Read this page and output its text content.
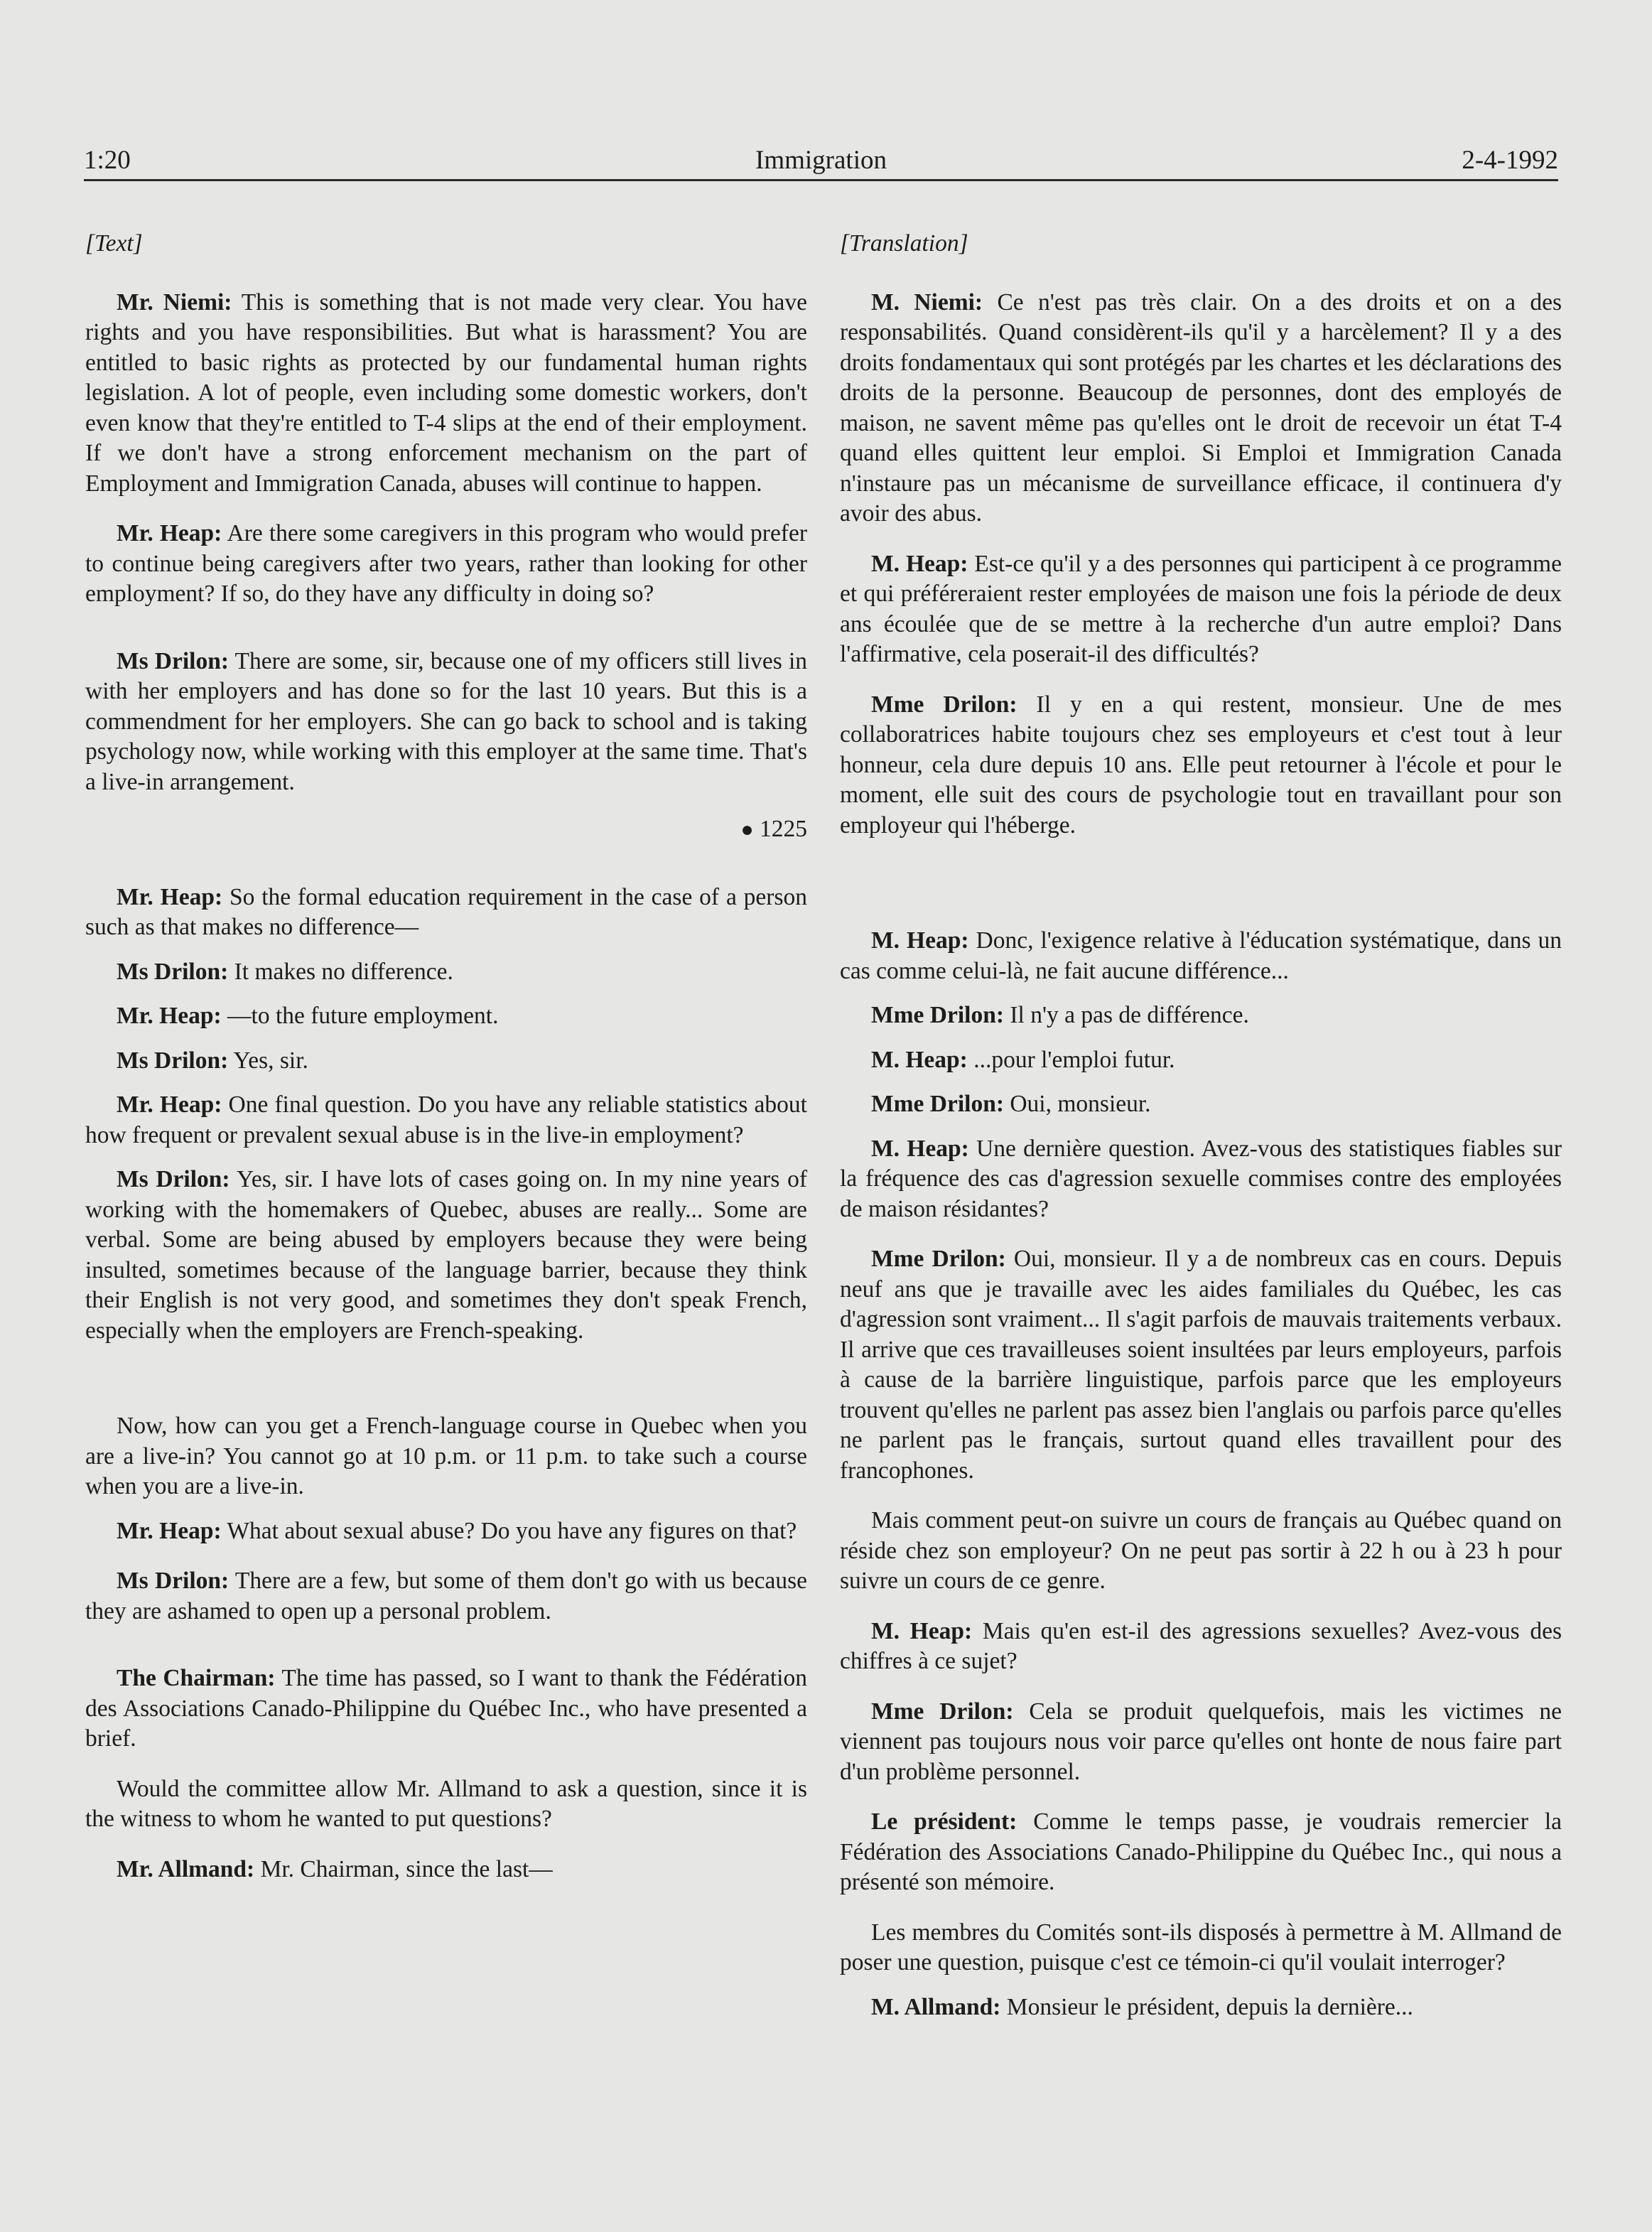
1:20	Immigration	2-4-1992
[Text]

Mr. Niemi: This is something that is not made very clear. You have rights and you have responsibilities. But what is harassment? You are entitled to basic rights as protected by our fundamental human rights legislation. A lot of people, even including some domestic workers, don't even know that they're entitled to T-4 slips at the end of their employment. If we don't have a strong enforcement mechanism on the part of Employment and Immigration Canada, abuses will continue to happen.

Mr. Heap: Are there some caregivers in this program who would prefer to continue being caregivers after two years, rather than looking for other employment? If so, do they have any difficulty in doing so?

Ms Drilon: There are some, sir, because one of my officers still lives in with her employers and has done so for the last 10 years. But this is a commendment for her employers. She can go back to school and is taking psychology now, while working with this employer at the same time. That's a live-in arrangement.

● 1225

Mr. Heap: So the formal education requirement in the case of a person such as that makes no difference—

Ms Drilon: It makes no difference.

Mr. Heap: —to the future employment.

Ms Drilon: Yes, sir.

Mr. Heap: One final question. Do you have any reliable statistics about how frequent or prevalent sexual abuse is in the live-in employment?

Ms Drilon: Yes, sir. I have lots of cases going on. In my nine years of working with the homemakers of Quebec, abuses are really... Some are verbal. Some are being abused by employers because they were being insulted, sometimes because of the language barrier, because they think their English is not very good, and sometimes they don't speak French, especially when the employers are French-speaking.

Now, how can you get a French-language course in Quebec when you are a live-in? You cannot go at 10 p.m. or 11 p.m. to take such a course when you are a live-in.

Mr. Heap: What about sexual abuse? Do you have any figures on that?

Ms Drilon: There are a few, but some of them don't go with us because they are ashamed to open up a personal problem.

The Chairman: The time has passed, so I want to thank the Fédération des Associations Canado-Philippine du Québec Inc., who have presented a brief.

Would the committee allow Mr. Allmand to ask a question, since it is the witness to whom he wanted to put questions?

Mr. Allmand: Mr. Chairman, since the last—

[Translation]

M. Niemi: Ce n'est pas très clair. On a des droits et on a des responsabilités. Quand considèrent-ils qu'il y a harcèlement? Il y a des droits fondamentaux qui sont protégés par les chartes et les déclarations des droits de la personne. Beaucoup de personnes, dont des employés de maison, ne savent même pas qu'elles ont le droit de recevoir un état T-4 quand elles quittent leur emploi. Si Emploi et Immigration Canada n'instaure pas un mécanisme de surveillance efficace, il continuera d'y avoir des abus.

M. Heap: Est-ce qu'il y a des personnes qui participent à ce programme et qui préféreraient rester employées de maison une fois la période de deux ans écoulée que de se mettre à la recherche d'un autre emploi? Dans l'affirmative, cela poserait-il des difficultés?

Mme Drilon: Il y en a qui restent, monsieur. Une de mes collaboratrices habite toujours chez ses employeurs et c'est tout à leur honneur, cela dure depuis 10 ans. Elle peut retourner à l'école et pour le moment, elle suit des cours de psychologie tout en travaillant pour son employeur qui l'héberge.

M. Heap: Donc, l'exigence relative à l'éducation systématique, dans un cas comme celui-là, ne fait aucune différence...

Mme Drilon: Il n'y a pas de différence.

M. Heap: ...pour l'emploi futur.

Mme Drilon: Oui, monsieur.

M. Heap: Une dernière question. Avez-vous des statistiques fiables sur la fréquence des cas d'agression sexuelle commises contre des employées de maison résidantes?

Mme Drilon: Oui, monsieur. Il y a de nombreux cas en cours. Depuis neuf ans que je travaille avec les aides familiales du Québec, les cas d'agression sont vraiment... Il s'agit parfois de mauvais traitements verbaux. Il arrive que ces travailleuses soient insultées par leurs employeurs, parfois à cause de la barrière linguistique, parfois parce que les employeurs trouvent qu'elles ne parlent pas assez bien l'anglais ou parfois parce qu'elles ne parlent pas le français, surtout quand elles travaillent pour des francophones.

Mais comment peut-on suivre un cours de français au Québec quand on réside chez son employeur? On ne peut pas sortir à 22 h ou à 23 h pour suivre un cours de ce genre.

M. Heap: Mais qu'en est-il des agressions sexuelles? Avez-vous des chiffres à ce sujet?

Mme Drilon: Cela se produit quelquefois, mais les victimes ne viennent pas toujours nous voir parce qu'elles ont honte de nous faire part d'un problème personnel.

Le président: Comme le temps passe, je voudrais remercier la Fédération des Associations Canado-Philippine du Québec Inc., qui nous a présenté son mémoire.

Les membres du Comités sont-ils disposés à permettre à M. Allmand de poser une question, puisque c'est ce témoin-ci qu'il voulait interroger?

M. Allmand: Monsieur le président, depuis la dernière...
